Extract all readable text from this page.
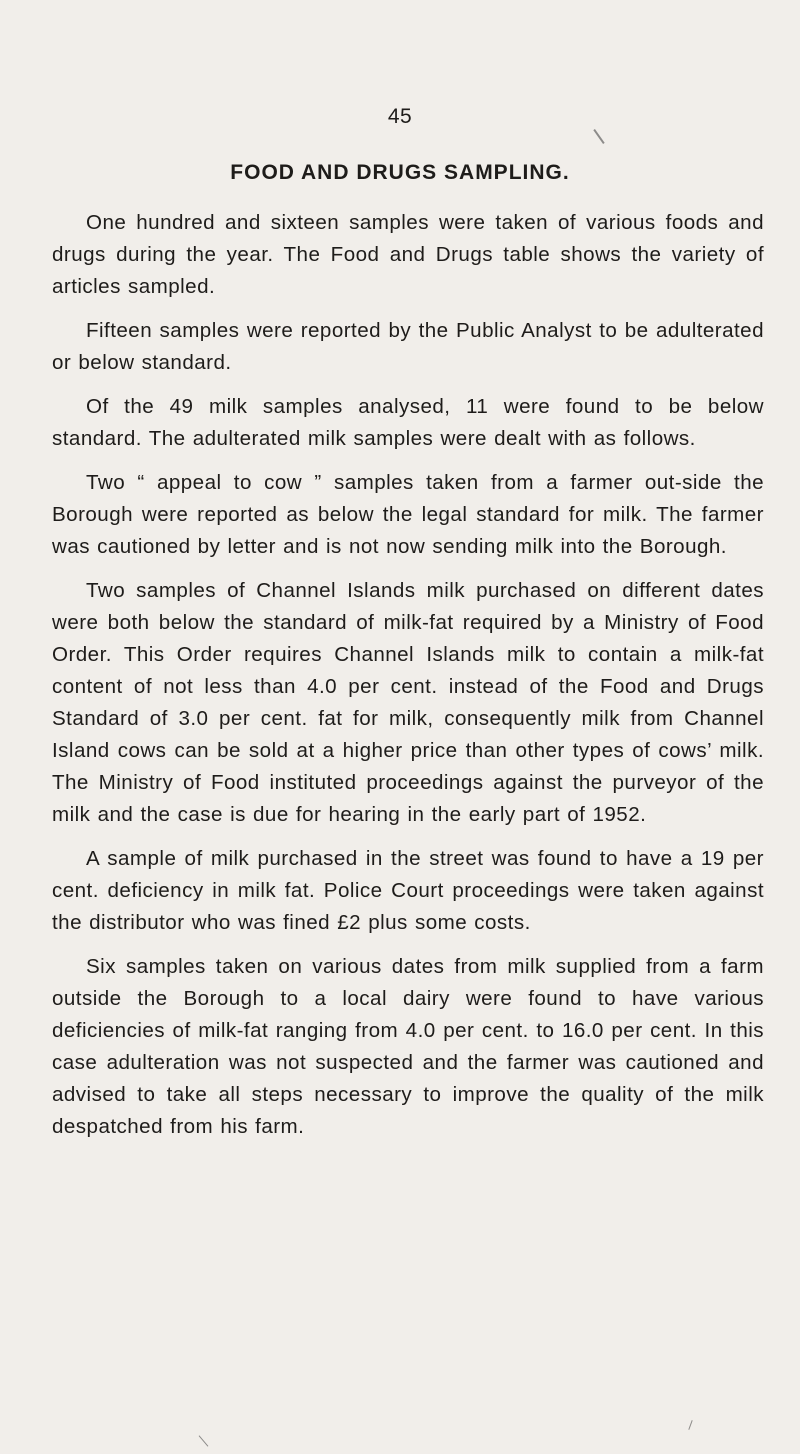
45
FOOD AND DRUGS SAMPLING.

One hundred and sixteen samples were taken of various foods and drugs during the year. The Food and Drugs table shows the variety of articles sampled.

Fifteen samples were reported by the Public Analyst to be adulterated or below standard.

Of the 49 milk samples analysed, 11 were found to be below standard. The adulterated milk samples were dealt with as follows.

Two “ appeal to cow ” samples taken from a farmer out-side the Borough were reported as below the legal standard for milk. The farmer was cautioned by letter and is not now sending milk into the Borough.

Two samples of Channel Islands milk purchased on different dates were both below the standard of milk-fat required by a Ministry of Food Order. This Order requires Channel Islands milk to contain a milk-fat content of not less than 4.0 per cent. instead of the Food and Drugs Standard of 3.0 per cent. fat for milk, consequently milk from Channel Island cows can be sold at a higher price than other types of cows’ milk. The Ministry of Food instituted proceedings against the purveyor of the milk and the case is due for hearing in the early part of 1952.

A sample of milk purchased in the street was found to have a 19 per cent. deficiency in milk fat. Police Court proceedings were taken against the distributor who was fined £2 plus some costs.

Six samples taken on various dates from milk supplied from a farm outside the Borough to a local dairy were found to have various deficiencies of milk-fat ranging from 4.0 per cent. to 16.0 per cent. In this case adulteration was not suspected and the farmer was cautioned and advised to take all steps necessary to improve the quality of the milk despatched from his farm.
